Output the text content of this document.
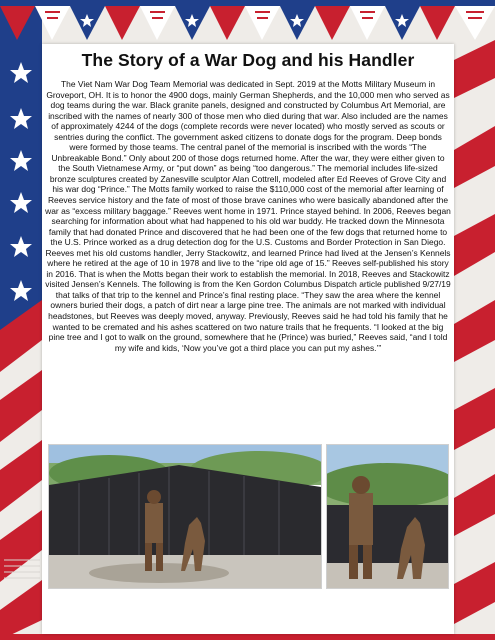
The Story of a War Dog and his Handler

The Viet Nam War Dog Team Memorial was dedicated in Sept. 2019 at the Motts Military Museum in Groveport, OH. It is to honor the 4900 dogs, mainly German Shepherds, and the 10,000 men who served as dog teams during the war. Black granite panels, designed and constructed by Columbus Art Memorial, are inscribed with the names of nearly 300 of those men who died during that war. Also included are the names of approximately 4244 of the dogs (complete records were never located) who mostly served as scouts or sentries during the conflict. The government asked citizens to donate dogs for the program. Deep bonds were formed by those teams. The central panel of the memorial is inscribed with the words “The Unbreakable Bond.” Only about 200 of those dogs returned home. After the war, they were either given to the South Vietnamese Army, or “put down” as being “too dangerous.” The memorial includes life-sized bronze sculptures created by Zanesville sculptor Alan Cottrell, modeled after Ed Reeves of Grove City and his war dog “Prince.” The Motts family worked to raise the $110,000 cost of the memorial after learning of Reeves service history and the fate of most of those brave canines who were basically abandoned after the war as “excess military baggage.” Reeves went home in 1971. Prince stayed behind. In 2006, Reeves began searching for information about what had happened to his old war buddy. He tracked down the Minnesota family that had donated Prince and discovered that he had been one of the few dogs that returned home to the U.S. Prince worked as a drug detection dog for the U.S. Customs and Border Protection in San Diego. Reeves met his old customs handler, Jerry Stackowitz, and learned Prince had lived at the Jensen’s Kennels where he retired at the age of 10 in 1978 and live to the “ripe old age of 15.” Reeves self-published his story in 2016. That is when the Motts began their work to establish the memorial. In 2018, Reeves and Stackowitz visited Jensen’s Kennels. The following is from the Ken Gordon Columbus Dispatch article published 9/27/19 that talks of that trip to the kennel and Prince’s final resting place. “They saw the area where the kennel owners buried their dogs, a patch of dirt near a large pine tree. The animals are not marked with individual headstones, but Reeves was deeply moved, anyway. Previously, Reeves said he had told his family that he wanted to be cremated and his ashes scattered on two nature trails that he frequents. “I looked at the big pine tree and I got to walk on the ground, somewhere that he (Prince) was buried,” Reeves said, “and I told my wife and kids, ‘Now you’ve got a third place you can put my ashes.’”
